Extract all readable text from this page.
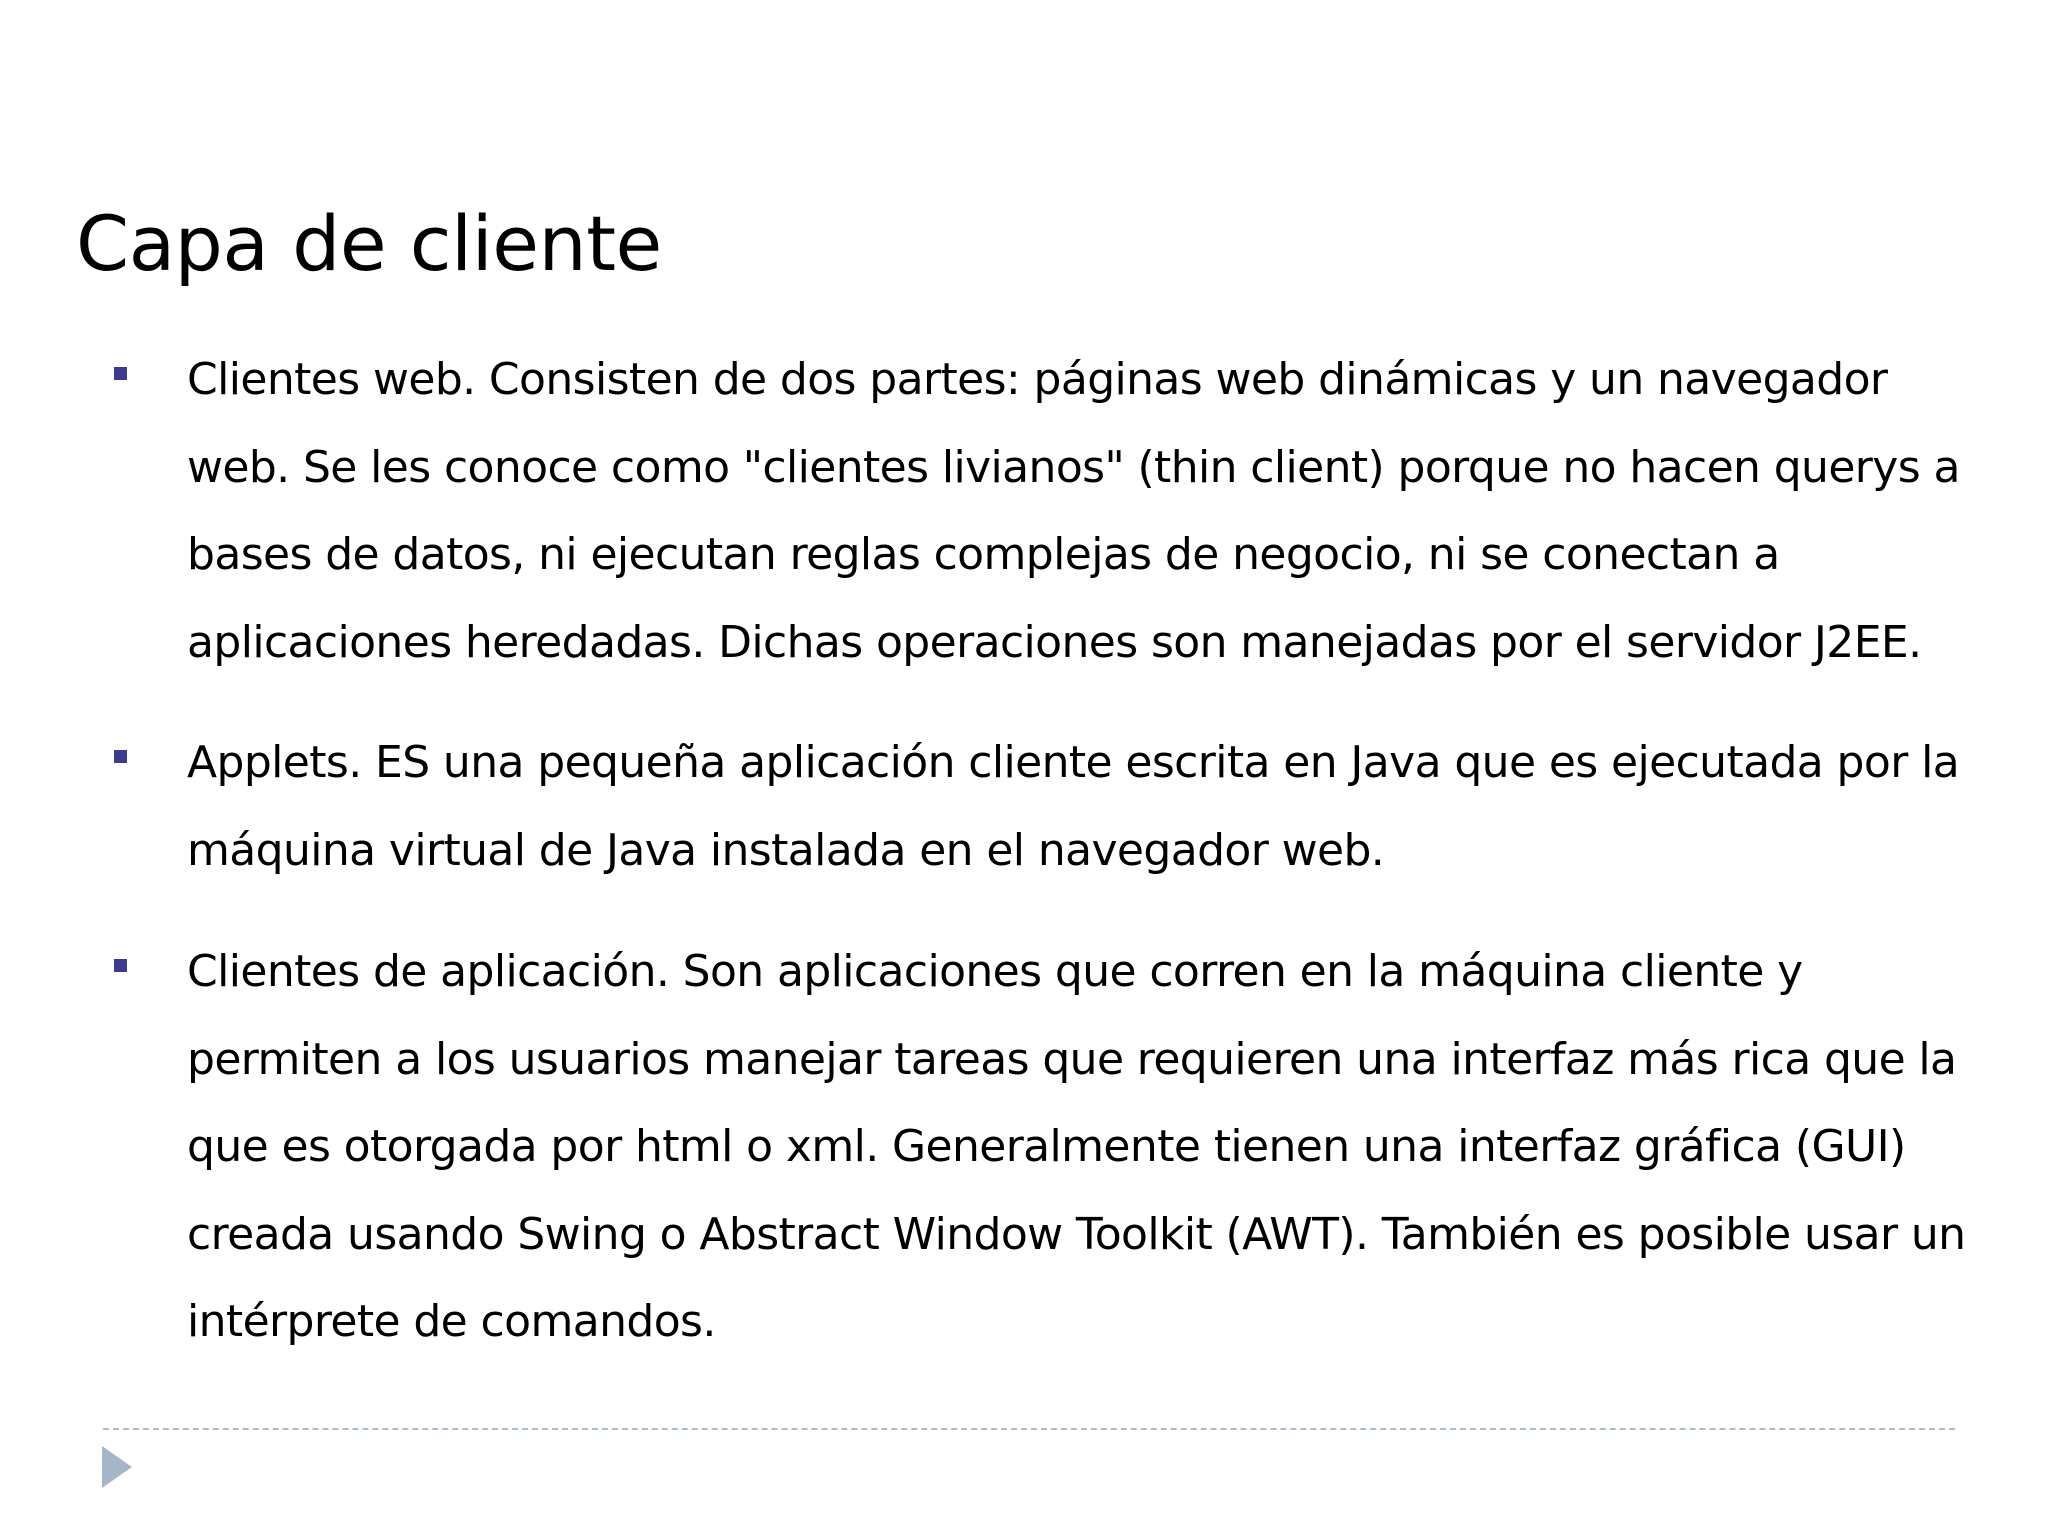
Capa de cliente
Clientes web. Consisten de dos partes: páginas web dinámicas y un navegador web. Se les conoce como "clientes livianos" (thin client) porque no hacen querys a bases de datos, ni ejecutan reglas complejas de negocio, ni se conectan a aplicaciones heredadas. Dichas operaciones son manejadas por el servidor J2EE.
Applets. ES una pequeña aplicación cliente escrita en Java que es ejecutada por la máquina virtual de Java instalada en el navegador web.
Clientes de aplicación. Son aplicaciones que corren en la máquina cliente y permiten a los usuarios manejar tareas que requieren una interfaz más rica que la que es otorgada por html o xml. Generalmente tienen una interfaz gráfica (GUI) creada usando Swing o Abstract Window Toolkit (AWT). También es posible usar un intérprete de comandos.
